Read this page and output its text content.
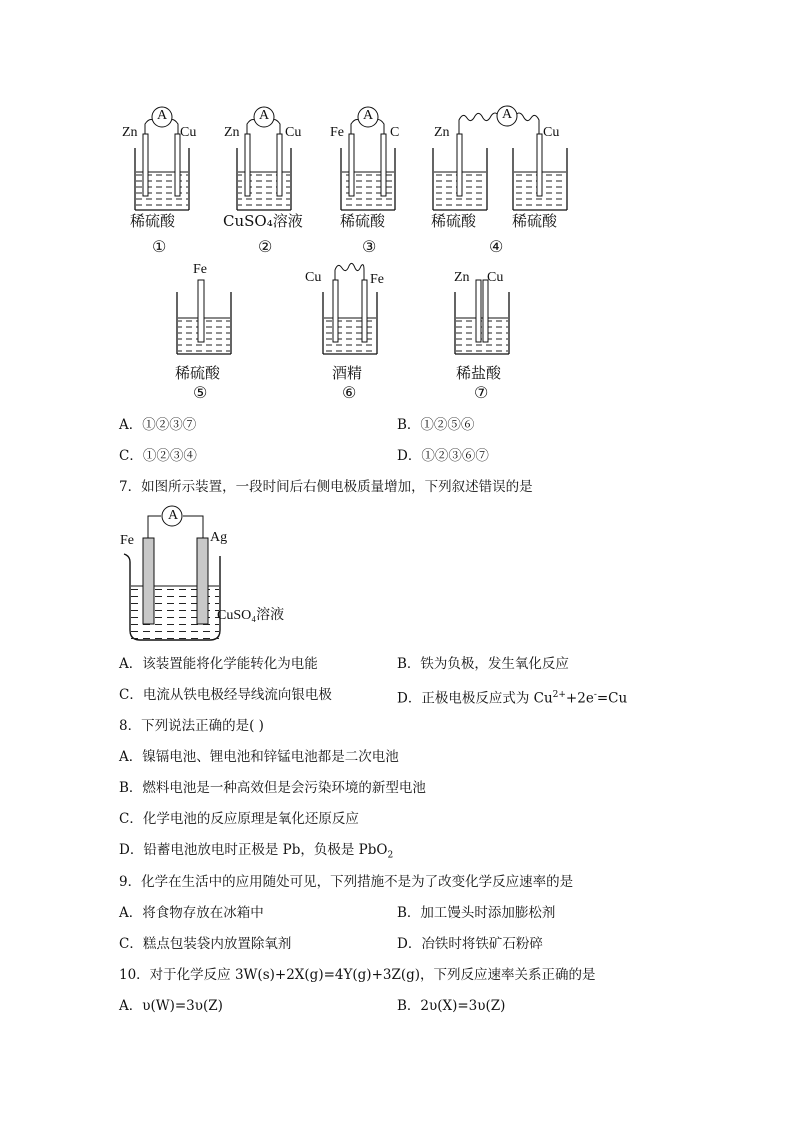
A	A	A	A
Zn	Cu Zn	Cu Fe	C Zn	Cu
稀硫酸	CuSO₄溶液 稀硫酸	稀硫酸 稀硫酸
①	②	③	④
Fe
Cu	Fe	Zn Cu
稀硫酸	酒精	稀盐酸
⑤	⑥	⑦
A．①②③⑦	B．①②⑤⑥
C．①②③④	D．①②③⑥⑦
7．如图所示装置，一段时间后右侧电极质量增加，下列叙述错误的是
A
Fe	Ag
CuSO₄溶液
A．该装置能将化学能转化为电能	B．铁为负极，发生氧化反应
C．电流从铁电极经导线流向银电极	D．正极电极反应式为 $Cu^{2+}+2e^-=Cu$
8．下列说法正确的是( )
A．镍镉电池、锂电池和锌锰电池都是二次电池
B．燃料电池是一种高效但是会污染环境的新型电池
C．化学电池的反应原理是氧化还原反应
D．铅蓄电池放电时正极是 Pb，负极是 PbO$_2$
9．化学在生活中的应用随处可见，下列措施不是为了改变化学反应速率的是
A．将食物存放在冰箱中	B．加工馒头时添加膨松剂
C．糕点包装袋内放置除氧剂	D．冶铁时将铁矿石粉碎
10．对于化学反应 3W(s)+2X(g)=4Y(g)+3Z(g)，下列反应速率关系正确的是
A．υ(W)=3υ(Z)	B．2υ(X)=3υ(Z)
